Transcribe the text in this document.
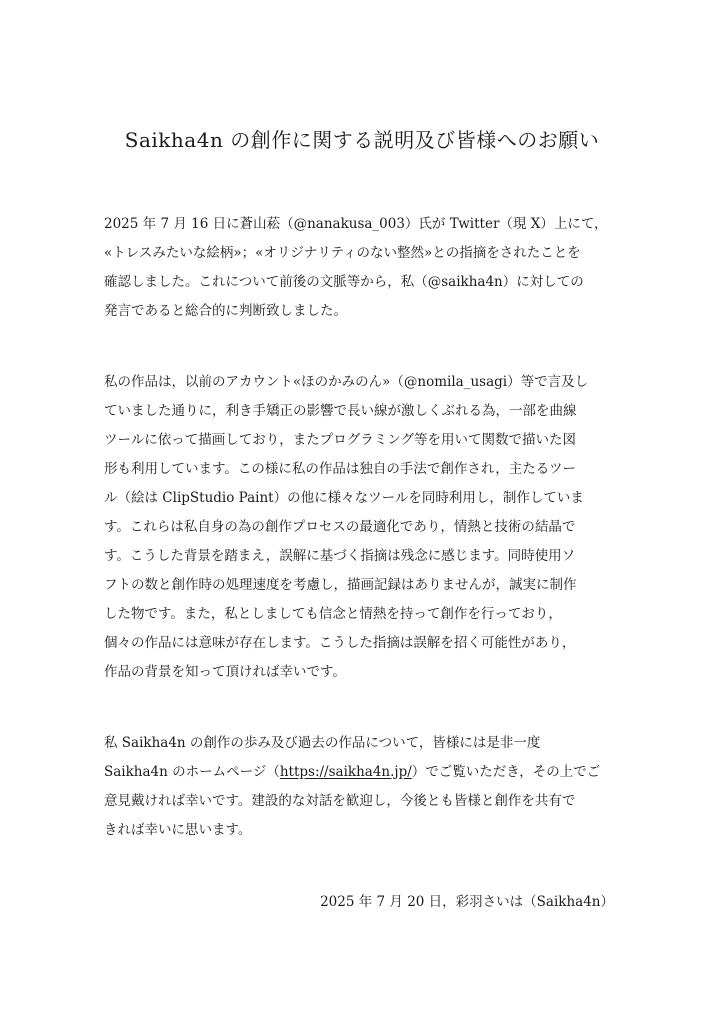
Saikha4n の創作に関する説明及び皆様へのお願い
2025 年 7 月 16 日に蒼山菘（@nanakusa_003）氏が Twitter（現 X）上にて，
«トレスみたいな絵柄»；«オリジナリティのない整然»との指摘をされたことを
確認しました。これについて前後の文脈等から，私（@saikha4n）に対しての
発言であると総合的に判断致しました。
私の作品は，以前のアカウント«ほのかみのん»（@nomila_usagi）等で言及し
ていました通りに，利き手矯正の影響で長い線が激しくぶれる為，一部を曲線
ツールに依って描画しており，またプログラミング等を用いて関数で描いた図
形も利用しています。この様に私の作品は独自の手法で創作され，主たるツー
ル（絵は ClipStudio Paint）の他に様々なツールを同時利用し，制作していま
す。これらは私自身の為の創作プロセスの最適化であり，情熱と技術の結晶で
す。こうした背景を踏まえ，誤解に基づく指摘は残念に感じます。同時使用ソ
フトの数と創作時の処理速度を考慮し，描画記録はありませんが，誠実に制作
した物です。また，私としましても信念と情熱を持って創作を行っており，
個々の作品には意味が存在します。こうした指摘は誤解を招く可能性があり，
作品の背景を知って頂ければ幸いです。
私 Saikha4n の創作の歩み及び過去の作品について，皆様には是非一度
Saikha4n のホームページ（https://saikha4n.jp/）でご覧いただき，その上でご
意見戴ければ幸いです。建設的な対話を歓迎し，今後とも皆様と創作を共有で
きれば幸いに思います。
2025 年 7 月 20 日，彩羽さいは（Saikha4n）
